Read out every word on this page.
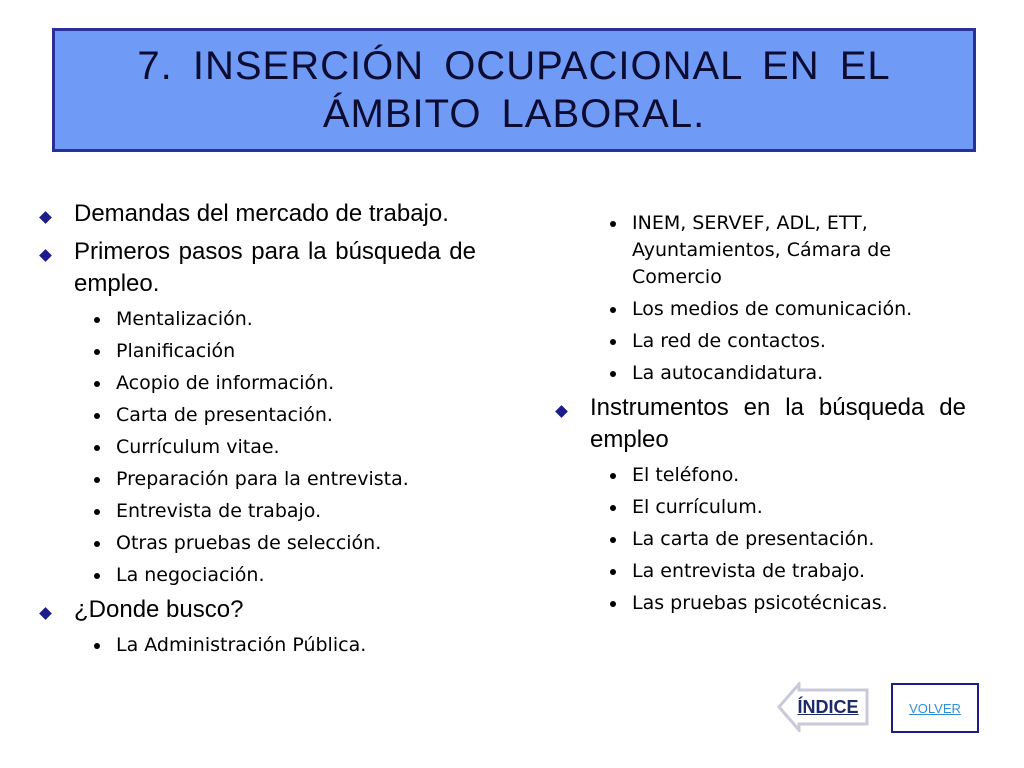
7. INSERCIÓN OCUPACIONAL EN EL
ÁMBITO LABORAL.
Demandas del mercado de trabajo.
Primeros pasos para la búsqueda de empleo.
Mentalización.
Planificación
Acopio de información.
Carta de presentación.
Currículum vitae.
Preparación para la entrevista.
Entrevista de trabajo.
Otras pruebas de selección.
La negociación.
¿Donde busco?
La Administración Pública.
INEM, SERVEF, ADL, ETT, Ayuntamientos, Cámara de Comercio
Los medios de comunicación.
La red de contactos.
La autocandidatura.
Instrumentos en la búsqueda de empleo
El teléfono.
El currículum.
La carta de presentación.
La entrevista de trabajo.
Las pruebas psicotécnicas.
ÍNDICE	VOLVER
